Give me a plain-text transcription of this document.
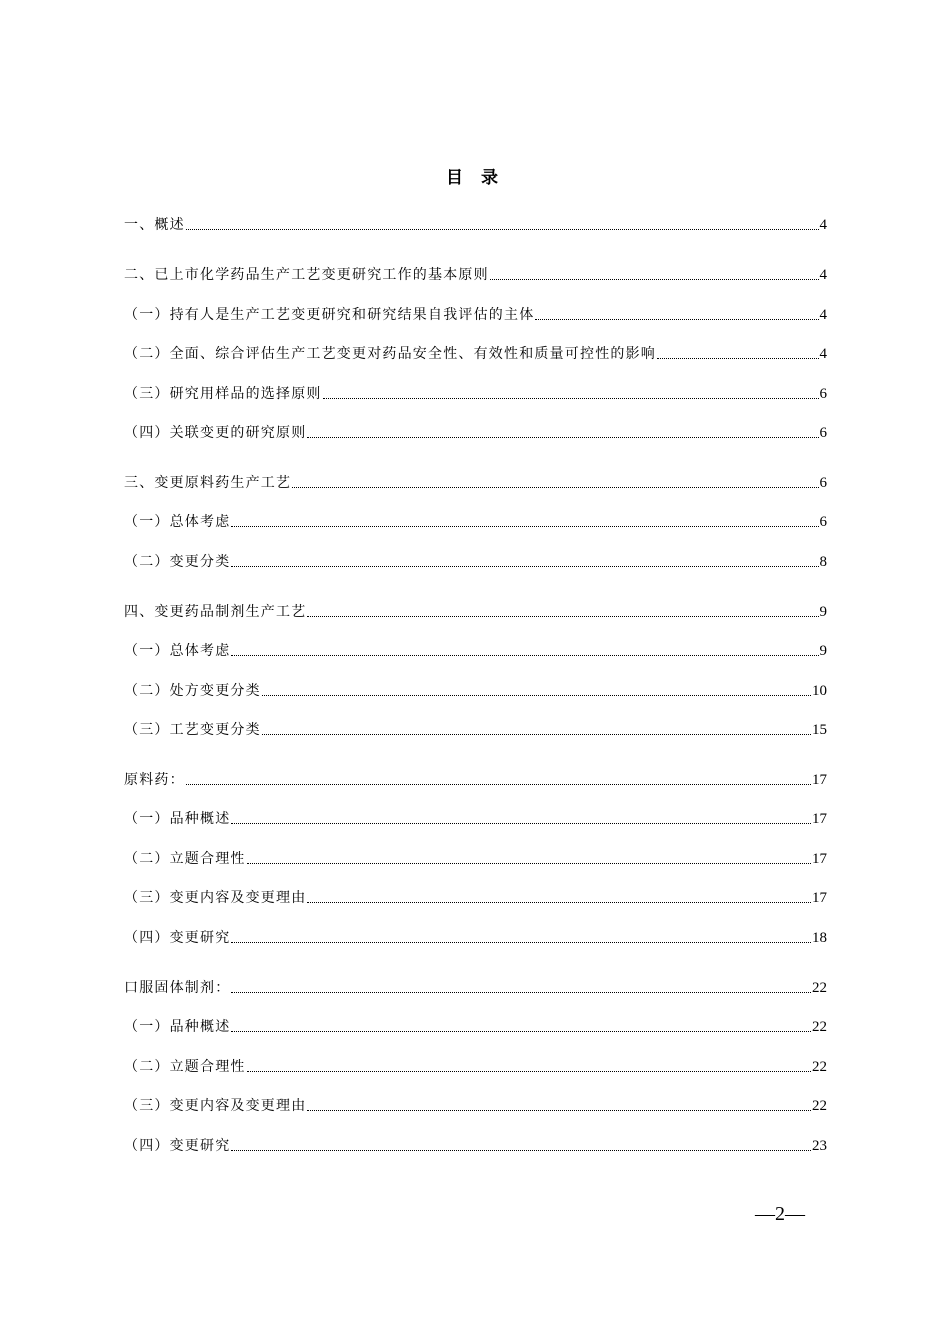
目 录
一、概述	4
二、已上市化学药品生产工艺变更研究工作的基本原则	4
（一）持有人是生产工艺变更研究和研究结果自我评估的主体	4
（二）全面、综合评估生产工艺变更对药品安全性、有效性和质量可控性的影响	4
（三）研究用样品的选择原则	6
（四）关联变更的研究原则	6
三、变更原料药生产工艺	6
（一）总体考虑	6
（二）变更分类	8
四、变更药品制剂生产工艺	9
（一）总体考虑	9
（二）处方变更分类	10
（三）工艺变更分类	15
原料药：	17
（一）品种概述	17
（二）立题合理性	17
（三）变更内容及变更理由	17
（四）变更研究	18
口服固体制剂：	22
（一）品种概述	22
（二）立题合理性	22
（三）变更内容及变更理由	22
（四）变更研究	23
—2—
